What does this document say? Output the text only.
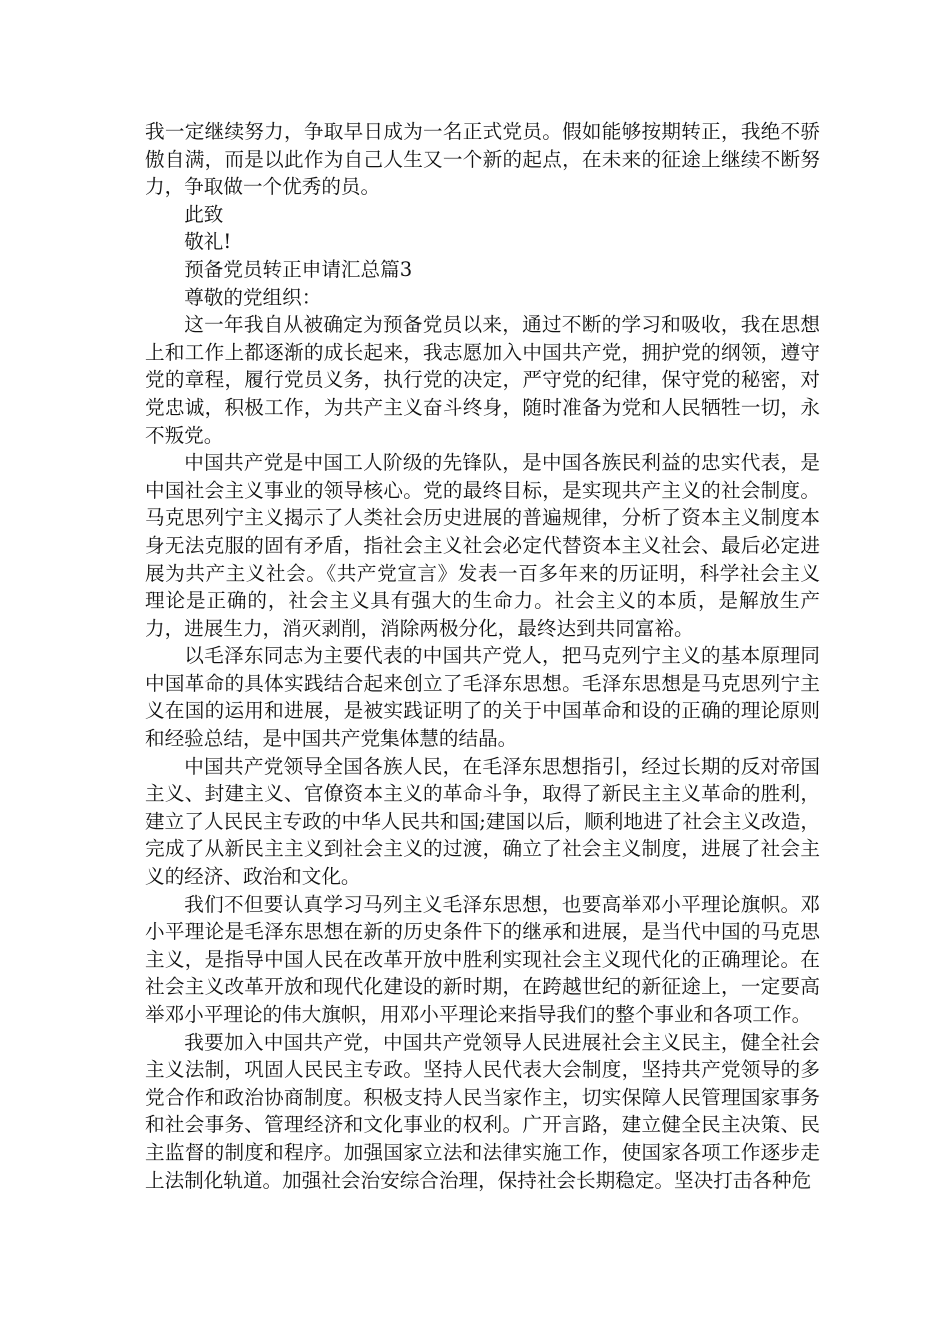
我一定继续努力，争取早日成为一名正式党员。假如能够按期转正，我绝不骄傲自满，而是以此作为自己人生又一个新的起点，在未来的征途上继续不断努力，争取做一个优秀的员。

此致

敬礼!

预备党员转正申请汇总篇3

尊敬的党组织：

这一年我自从被确定为预备党员以来，通过不断的学习和吸收，我在思想上和工作上都逐渐的成长起来，我志愿加入中国共产党，拥护党的纲领，遵守党的章程，履行党员义务，执行党的决定，严守党的纪律，保守党的秘密，对党忠诚，积极工作，为共产主义奋斗终身，随时准备为党和人民牺牲一切，永不叛党。

中国共产党是中国工人阶级的先锋队，是中国各族民利益的忠实代表，是中国社会主义事业的领导核心。党的最终目标，是实现共产主义的社会制度。马克思列宁主义揭示了人类社会历史进展的普遍规律，分析了资本主义制度本身无法克服的固有矛盾，指社会主义社会必定代替资本主义社会、最后必定进展为共产主义社会。《共产党宣言》发表一百多年来的历证明，科学社会主义理论是正确的，社会主义具有强大的生命力。社会主义的本质，是解放生产力，进展生力，消灭剥削，消除两极分化，最终达到共同富裕。

以毛泽东同志为主要代表的中国共产党人，把马克列宁主义的基本原理同中国革命的具体实践结合起来创立了毛泽东思想。毛泽东思想是马克思列宁主义在国的运用和进展，是被实践证明了的关于中国革命和设的正确的理论原则和经验总结，是中国共产党集体慧的结晶。

中国共产党领导全国各族人民，在毛泽东思想指引，经过长期的反对帝国主义、封建主义、官僚资本主义的革命斗争，取得了新民主主义革命的胜利，建立了人民民主专政的中华人民共和国;建国以后，顺利地进了社会主义改造，完成了从新民主主义到社会主义的过渡，确立了社会主义制度，进展了社会主义的经济、政治和文化。

我们不但要认真学习马列主义毛泽东思想，也要高举邓小平理论旗帜。邓小平理论是毛泽东思想在新的历史条件下的继承和进展，是当代中国的马克思主义，是指导中国人民在改革开放中胜利实现社会主义现代化的正确理论。在社会主义改革开放和现代化建设的新时期，在跨越世纪的新征途上，一定要高举邓小平理论的伟大旗帜，用邓小平理论来指导我们的整个事业和各项工作。

我要加入中国共产党，中国共产党领导人民进展社会主义民主，健全社会主义法制，巩固人民民主专政。坚持人民代表大会制度，坚持共产党领导的多党合作和政治协商制度。积极支持人民当家作主，切实保障人民管理国家事务和社会事务、管理经济和文化事业的权利。广开言路，建立健全民主决策、民主监督的制度和程序。加强国家立法和法律实施工作，使国家各项工作逐步走上法制化轨道。加强社会治安综合治理，保持社会长期稳定。坚决打击各种危
